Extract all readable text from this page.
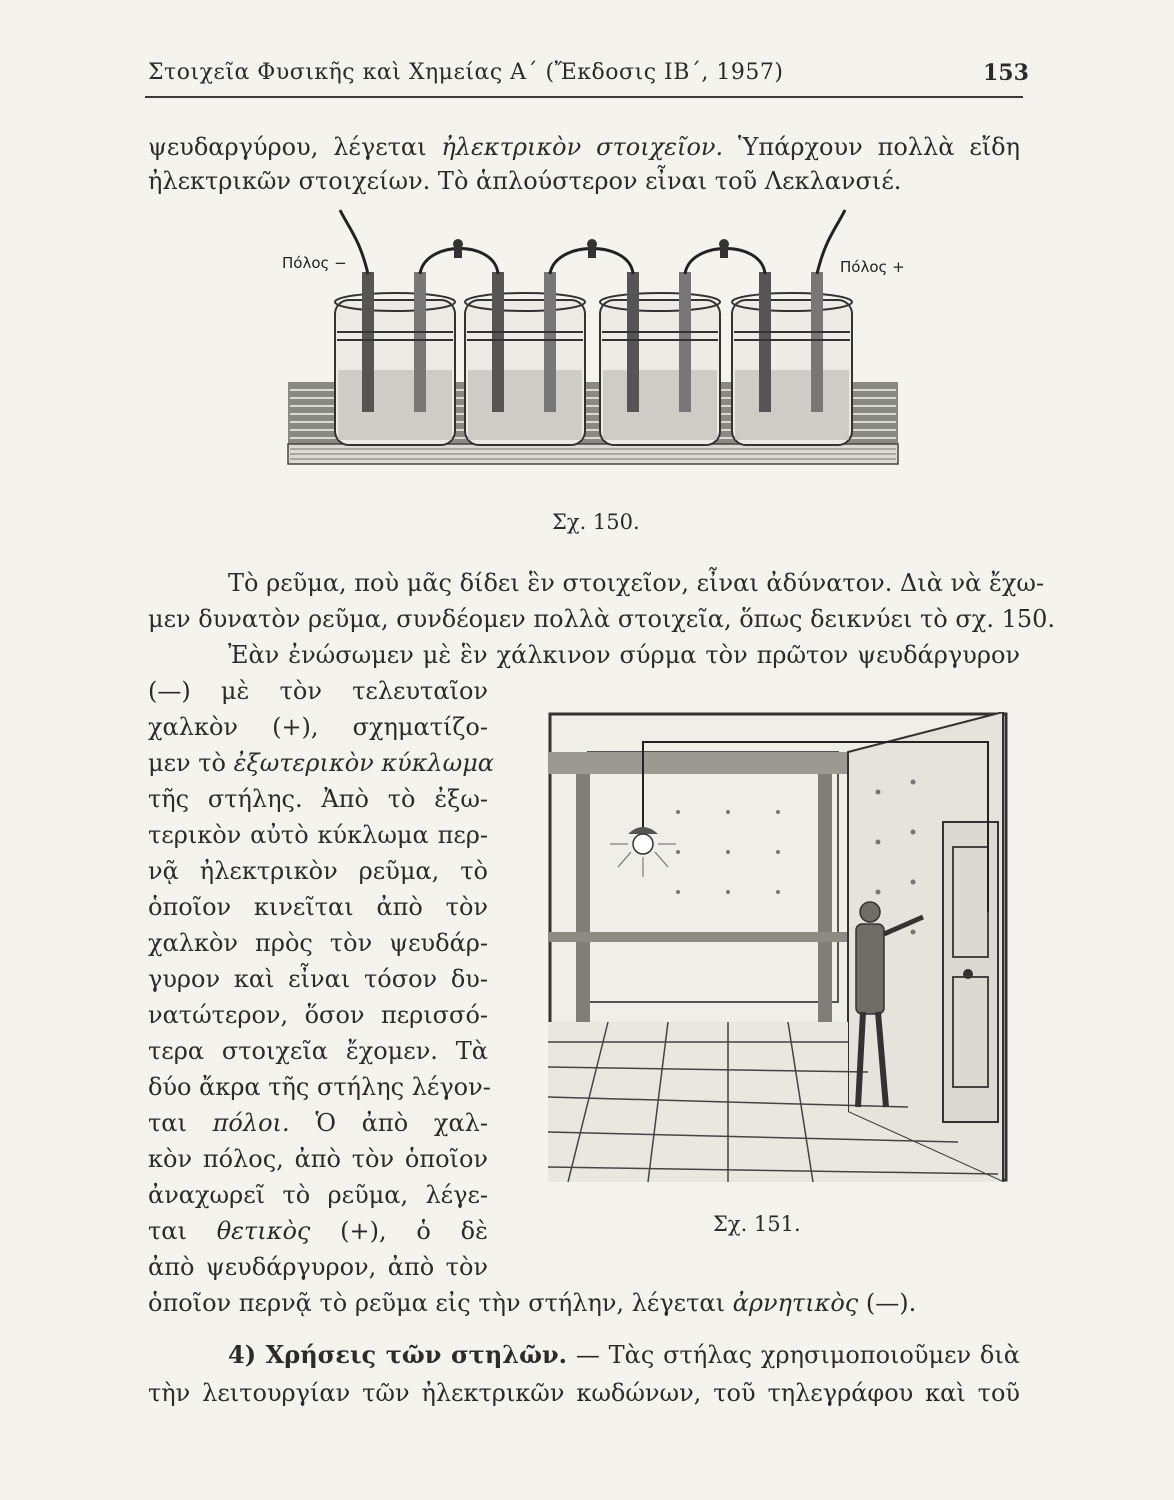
Στοιχεῖα Φυσικῆς καὶ Χημείας Α΄ (Ἔκδοσις ΙΒ΄, 1957)	153
ψευδαργύρου, λέγεται ἠλεκτρικὸν στοιχεῖον. Ὑπάρχουν πολλὰ εἴδη
ἠλεκτρικῶν στοιχείων. Τὸ ἁπλούστερον εἶναι τοῦ Λεκλανσιέ.
Πόλος −	Πόλος +
Σχ. 150.
Τὸ ρεῦμα, ποὺ μᾶς δίδει ἓν στοιχεῖον, εἶναι ἀδύνατον. Διὰ νὰ ἔχω-
μεν δυνατὸν ρεῦμα, συνδέομεν πολλὰ στοιχεῖα, ὅπως δεικνύει τὸ σχ. 150.
Ἐὰν ἐνώσωμεν μὲ ἓν χάλκινον σύρμα τὸν πρῶτον ψευδάργυρον
(—) μὲ τὸν τελευταῖον
χαλκὸν (+), σχηματίζο-
μεν τὸ ἐξωτερικὸν κύκλωμα
τῆς στήλης. Ἀπὸ τὸ ἐξω-
τερικὸν αὐτὸ κύκλωμα περ-
νᾷ ἠλεκτρικὸν ρεῦμα, τὸ
ὁποῖον κινεῖται ἀπὸ τὸν
χαλκὸν πρὸς τὸν ψευδάρ-
γυρον καὶ εἶναι τόσον δυ-
νατώτερον, ὅσον περισσό-
τερα στοιχεῖα ἔχομεν. Τὰ
δύο ἄκρα τῆς στήλης λέγον-
ται πόλοι. Ὁ ἀπὸ χαλ-
κὸν πόλος, ἀπὸ τὸν ὁποῖον
ἀναχωρεῖ τὸ ρεῦμα, λέγε-
ται θετικὸς (+), ὁ δὲ	Σχ. 151.
ἀπὸ ψευδάργυρον, ἀπὸ τὸν
ὁποῖον περνᾷ τὸ ρεῦμα εἰς τὴν στήλην, λέγεται ἀρνητικὸς (—).
4) Χρήσεις τῶν στηλῶν. — Τὰς στήλας χρησιμοποιοῦμεν διὰ
τὴν λειτουργίαν τῶν ἠλεκτρικῶν κωδώνων, τοῦ τηλεγράφου καὶ τοῦ
